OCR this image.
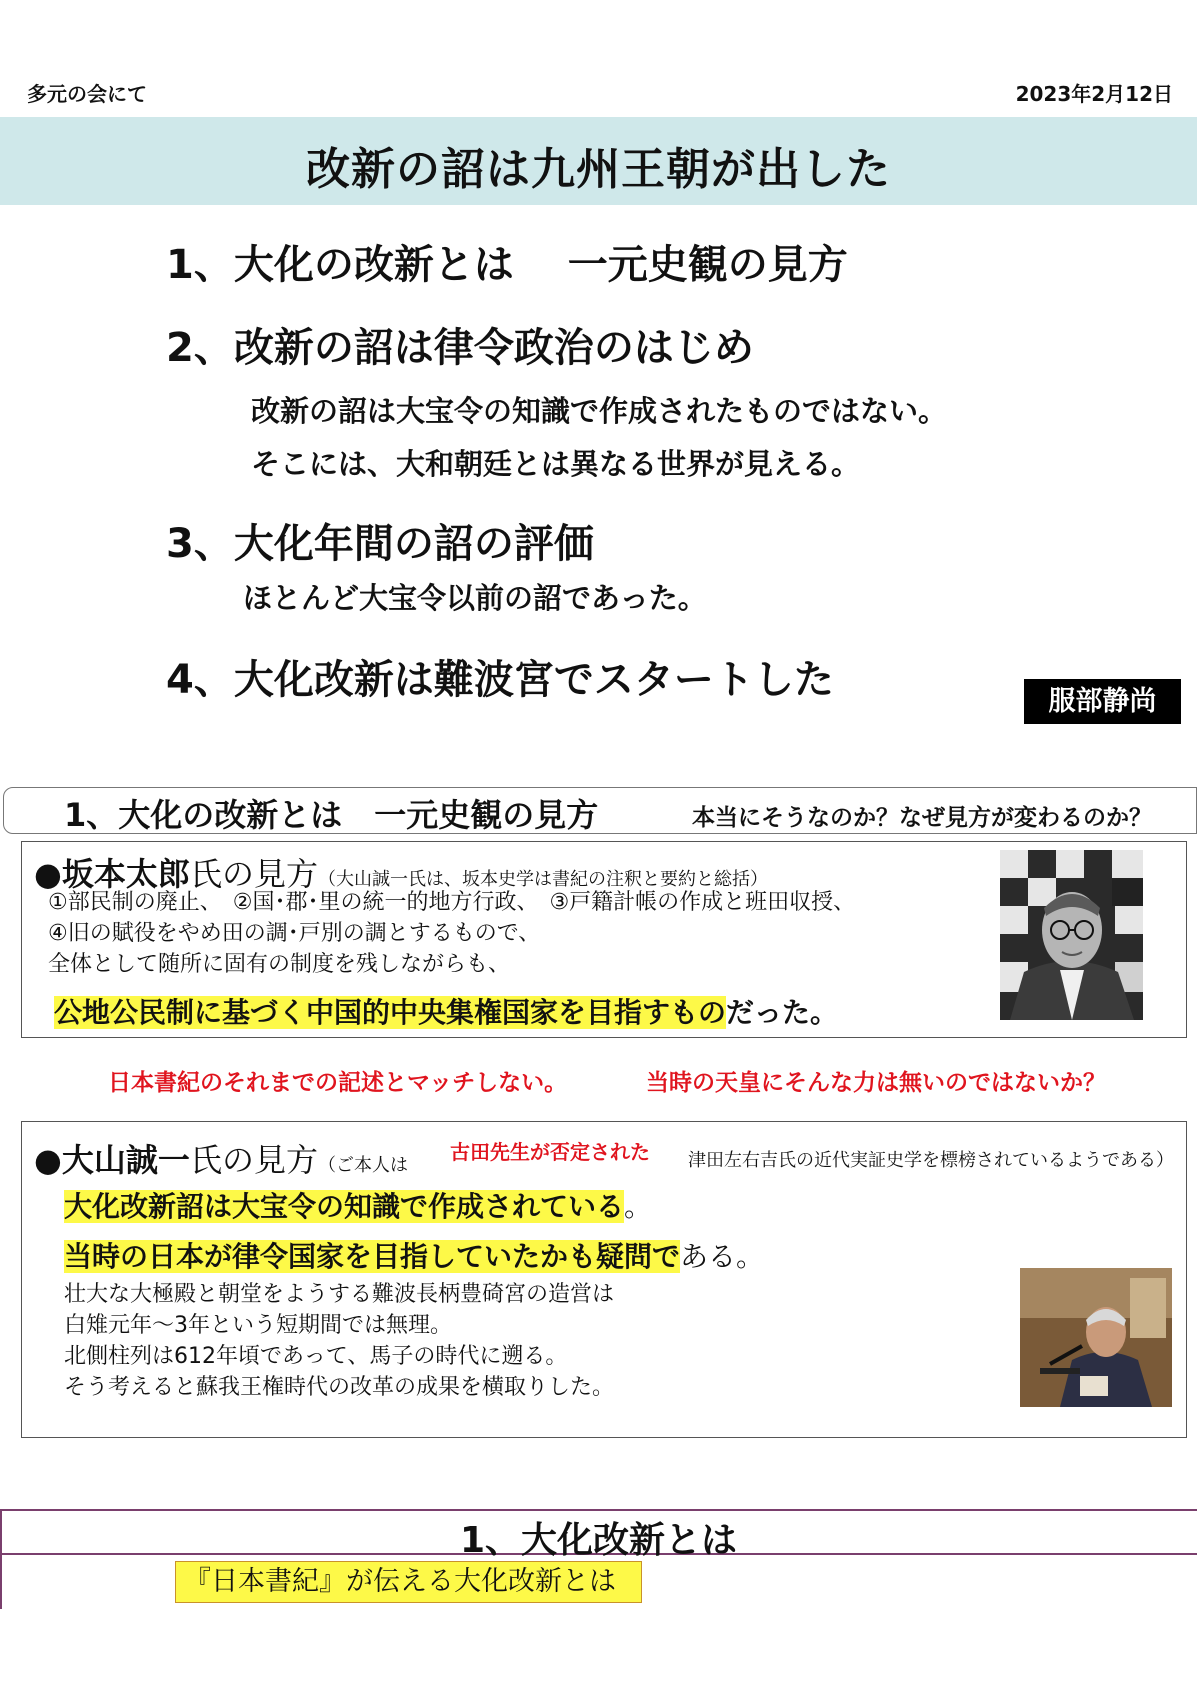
多元の会にて	2023年2月12日
改新の詔は九州王朝が出した
1、大化の改新とは　 一元史観の見方
2、改新の詔は律令政治のはじめ
改新の詔は大宝令の知識で作成されたものではない。
そこには、大和朝廷とは異なる世界が見える。
3、大化年間の詔の評価
ほとんど大宝令以前の詔であった。
4、大化改新は難波宮でスタートした	服部静尚
1、大化の改新とは　一元史観の見方	本当にそうなのか？なぜ見方が変わるのか？
●坂本太郎氏の見方（大山誠一氏は、坂本史学は書紀の注釈と要約と総括）
①部民制の廃止、　②国･郡･里の統一的地方行政、　③戸籍計帳の作成と班田収授、
④旧の賦役をやめ田の調･戸別の調とするもので、
全体として随所に固有の制度を残しながらも、
公地公民制に基づく中国的中央集権国家を目指すものだった。
日本書紀のそれまでの記述とマッチしない。	当時の天皇にそんな力は無いのではないか？
●大山誠一氏の見方（ご本人は
古田先生が否定された 津田左右吉氏の近代実証史学を標榜されているようである）
大化改新詔は大宝令の知識で作成されている。
当時の日本が律令国家を目指していたかも疑問である。
壮大な大極殿と朝堂をようする難波長柄豊碕宮の造営は
白雉元年～3年という短期間では無理。
北側柱列は612年頃であって、馬子の時代に遡る。
そう考えると蘇我王権時代の改革の成果を横取りした。
1、大化改新とは
『日本書紀』が伝える大化改新とは
